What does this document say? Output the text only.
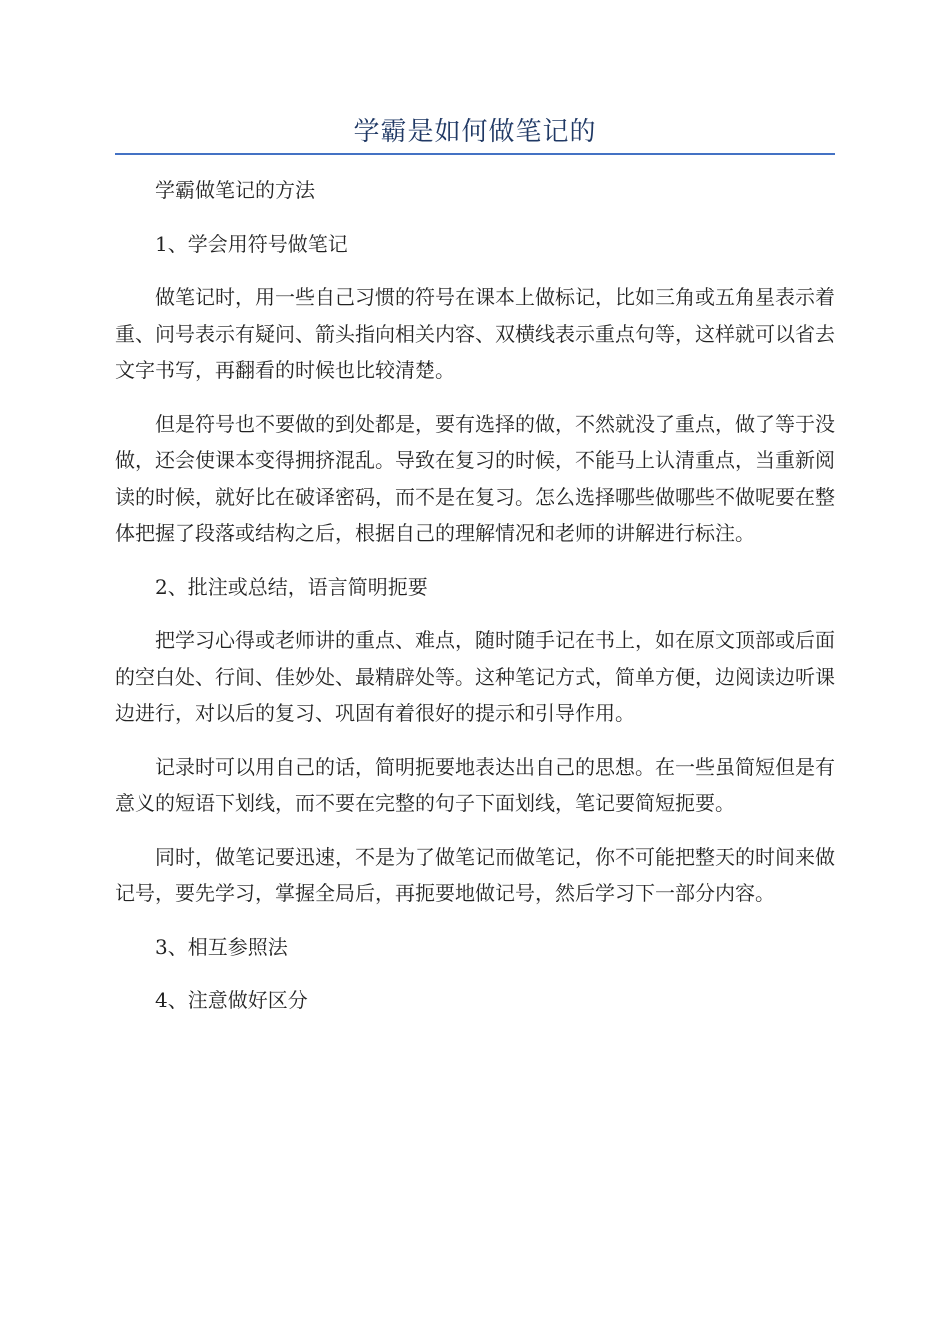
学霸是如何做笔记的

学霸做笔记的方法

1、学会用符号做笔记

做笔记时，用一些自己习惯的符号在课本上做标记，比如三角或五角星表示着重、问号表示有疑问、箭头指向相关内容、双横线表示重点句等，这样就可以省去文字书写，再翻看的时候也比较清楚。

但是符号也不要做的到处都是，要有选择的做，不然就没了重点，做了等于没做，还会使课本变得拥挤混乱。导致在复习的时候，不能马上认清重点，当重新阅读的时候，就好比在破译密码，而不是在复习。怎么选择哪些做哪些不做呢要在整体把握了段落或结构之后，根据自己的理解情况和老师的讲解进行标注。

2、批注或总结，语言简明扼要

把学习心得或老师讲的重点、难点，随时随手记在书上，如在原文顶部或后面的空白处、行间、佳妙处、最精辟处等。这种笔记方式，简单方便，边阅读边听课边进行，对以后的复习、巩固有着很好的提示和引导作用。

记录时可以用自己的话，简明扼要地表达出自己的思想。在一些虽简短但是有意义的短语下划线，而不要在完整的句子下面划线，笔记要简短扼要。

同时，做笔记要迅速，不是为了做笔记而做笔记，你不可能把整天的时间来做记号，要先学习，掌握全局后，再扼要地做记号，然后学习下一部分内容。

3、相互参照法

4、注意做好区分
